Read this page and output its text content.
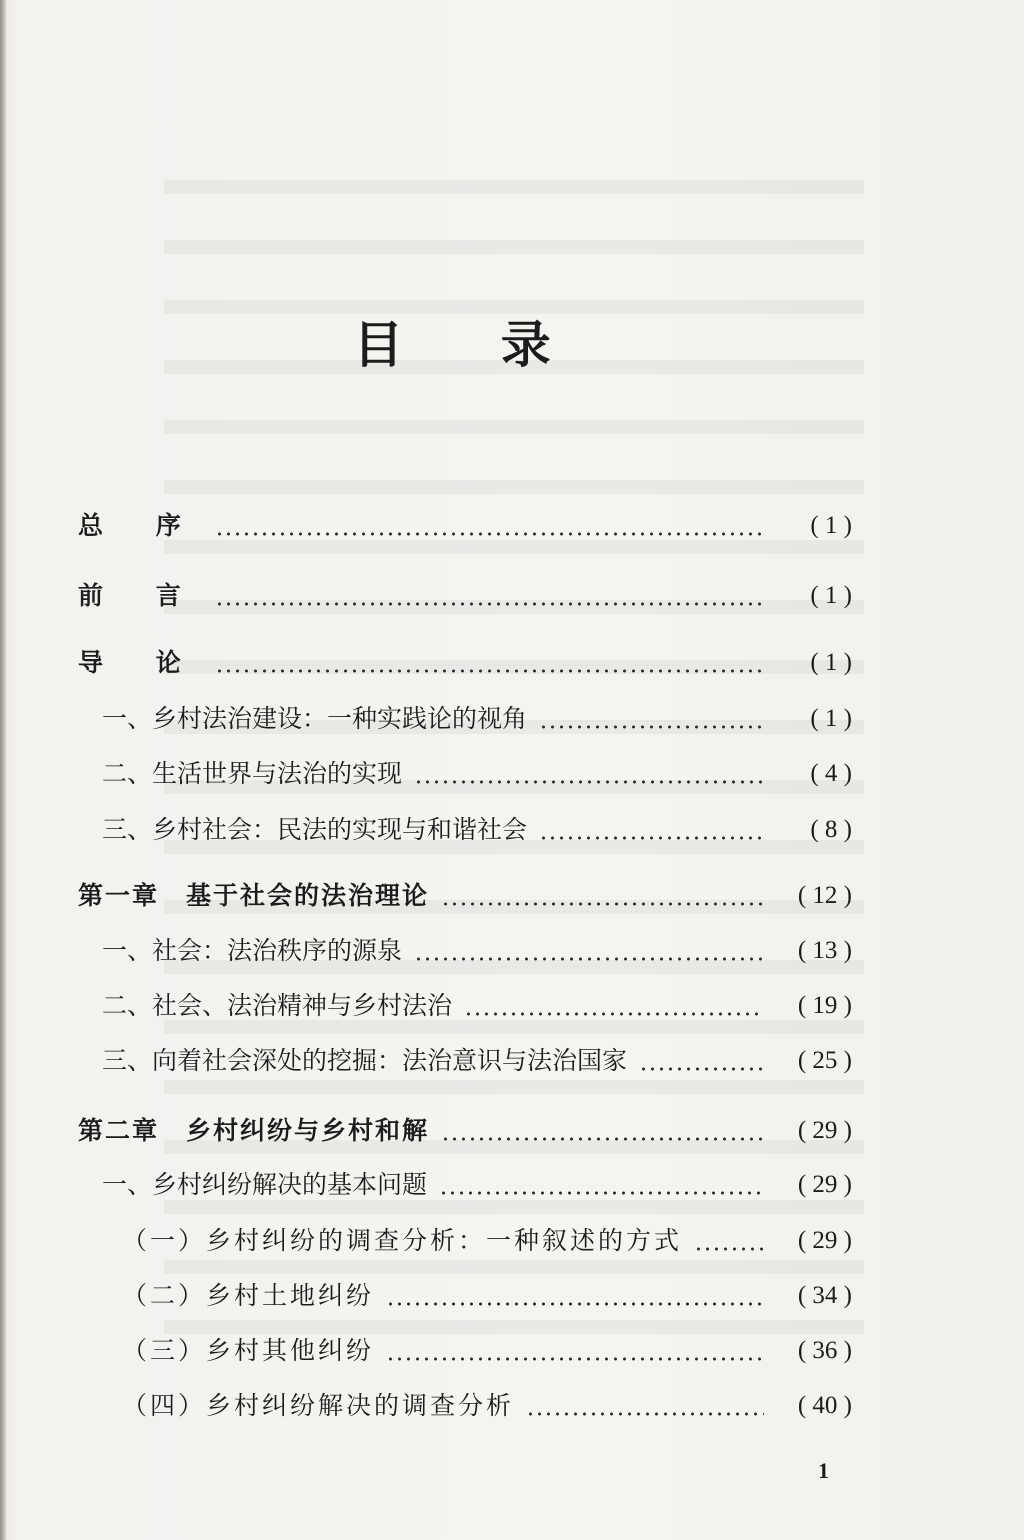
目 录
总 序	( 1 )
前 言	( 1 )
导 论	( 1 )
一、乡村法治建设：一种实践论的视角	( 1 )
二、生活世界与法治的实现	( 4 )
三、乡村社会：民法的实现与和谐社会	( 8 )
第一章　基于社会的法治理论	( 12 )
一、社会：法治秩序的源泉	( 13 )
二、社会、法治精神与乡村法治	( 19 )
三、向着社会深处的挖掘：法治意识与法治国家	( 25 )
第二章　乡村纠纷与乡村和解	( 29 )
一、乡村纠纷解决的基本问题	( 29 )
（一）乡村纠纷的调查分析：一种叙述的方式	( 29 )
（二）乡村土地纠纷	( 34 )
（三）乡村其他纠纷	( 36 )
（四）乡村纠纷解决的调查分析	( 40 )
1
